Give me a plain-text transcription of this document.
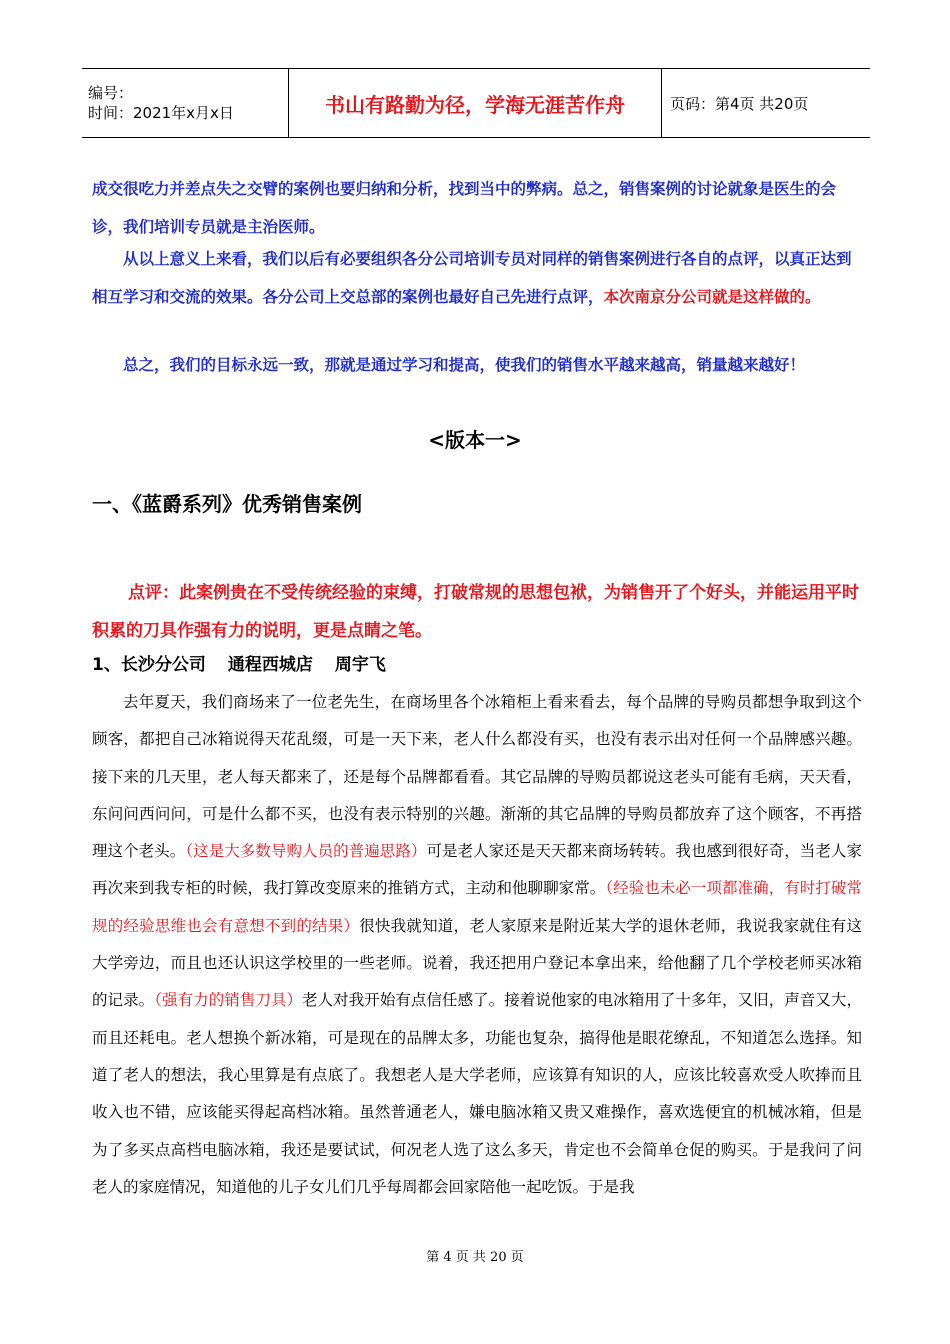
编号：
时间：2021年x月x日	书山有路勤为径，学海无涯苦作舟	页码：第4页 共20页
成交很吃力并差点失之交臂的案例也要归纳和分析，找到当中的弊病。总之，销售案例的讨论就象是医生的会诊，我们培训专员就是主治医师。
从以上意义上来看，我们以后有必要组织各分公司培训专员对同样的销售案例进行各自的点评，以真正达到相互学习和交流的效果。各分公司上交总部的案例也最好自己先进行点评，本次南京分公司就是这样做的。
总之，我们的目标永远一致，那就是通过学习和提高，使我们的销售水平越来越高，销量越来越好！
<版本一>
一、《蓝爵系列》优秀销售案例
点评：此案例贵在不受传统经验的束缚，打破常规的思想包袱，为销售开了个好头，并能运用平时积累的刀具作强有力的说明，更是点睛之笔。
1、长沙分公司 通程西城店 周宇飞
去年夏天，我们商场来了一位老先生，在商场里各个冰箱柜上看来看去，每个品牌的导购员都想争取到这个顾客，都把自己冰箱说得天花乱缀，可是一天下来，老人什么都没有买，也没有表示出对任何一个品牌感兴趣。接下来的几天里，老人每天都来了，还是每个品牌都看看。其它品牌的导购员都说这老头可能有毛病，天天看，东问问西问问，可是什么都不买，也没有表示特别的兴趣。渐渐的其它品牌的导购员都放弃了这个顾客，不再搭理这个老头。（这是大多数导购人员的普遍思路）可是老人家还是天天都来商场转转。我也感到很好奇，当老人家再次来到我专柜的时候，我打算改变原来的推销方式，主动和他聊聊家常。（经验也未必一项都准确，有时打破常规的经验思维也会有意想不到的结果）很快我就知道，老人家原来是附近某大学的退休老师，我说我家就住有这大学旁边，而且也还认识这学校里的一些老师。说着，我还把用户登记本拿出来，给他翻了几个学校老师买冰箱的记录。（强有力的销售刀具）老人对我开始有点信任感了。接着说他家的电冰箱用了十多年，又旧，声音又大，而且还耗电。老人想换个新冰箱，可是现在的品牌太多，功能也复杂，搞得他是眼花缭乱，不知道怎么选择。知道了老人的想法，我心里算是有点底了。我想老人是大学老师，应该算有知识的人，应该比较喜欢受人吹捧而且收入也不错，应该能买得起高档冰箱。虽然普通老人，嫌电脑冰箱又贵又难操作，喜欢选便宜的机械冰箱，但是为了多买点高档电脑冰箱，我还是要试试，何况老人选了这么多天，肯定也不会简单仓促的购买。于是我问了问老人的家庭情况，知道他的儿子女儿们几乎每周都会回家陪他一起吃饭。于是我
第 4 页 共 20 页
